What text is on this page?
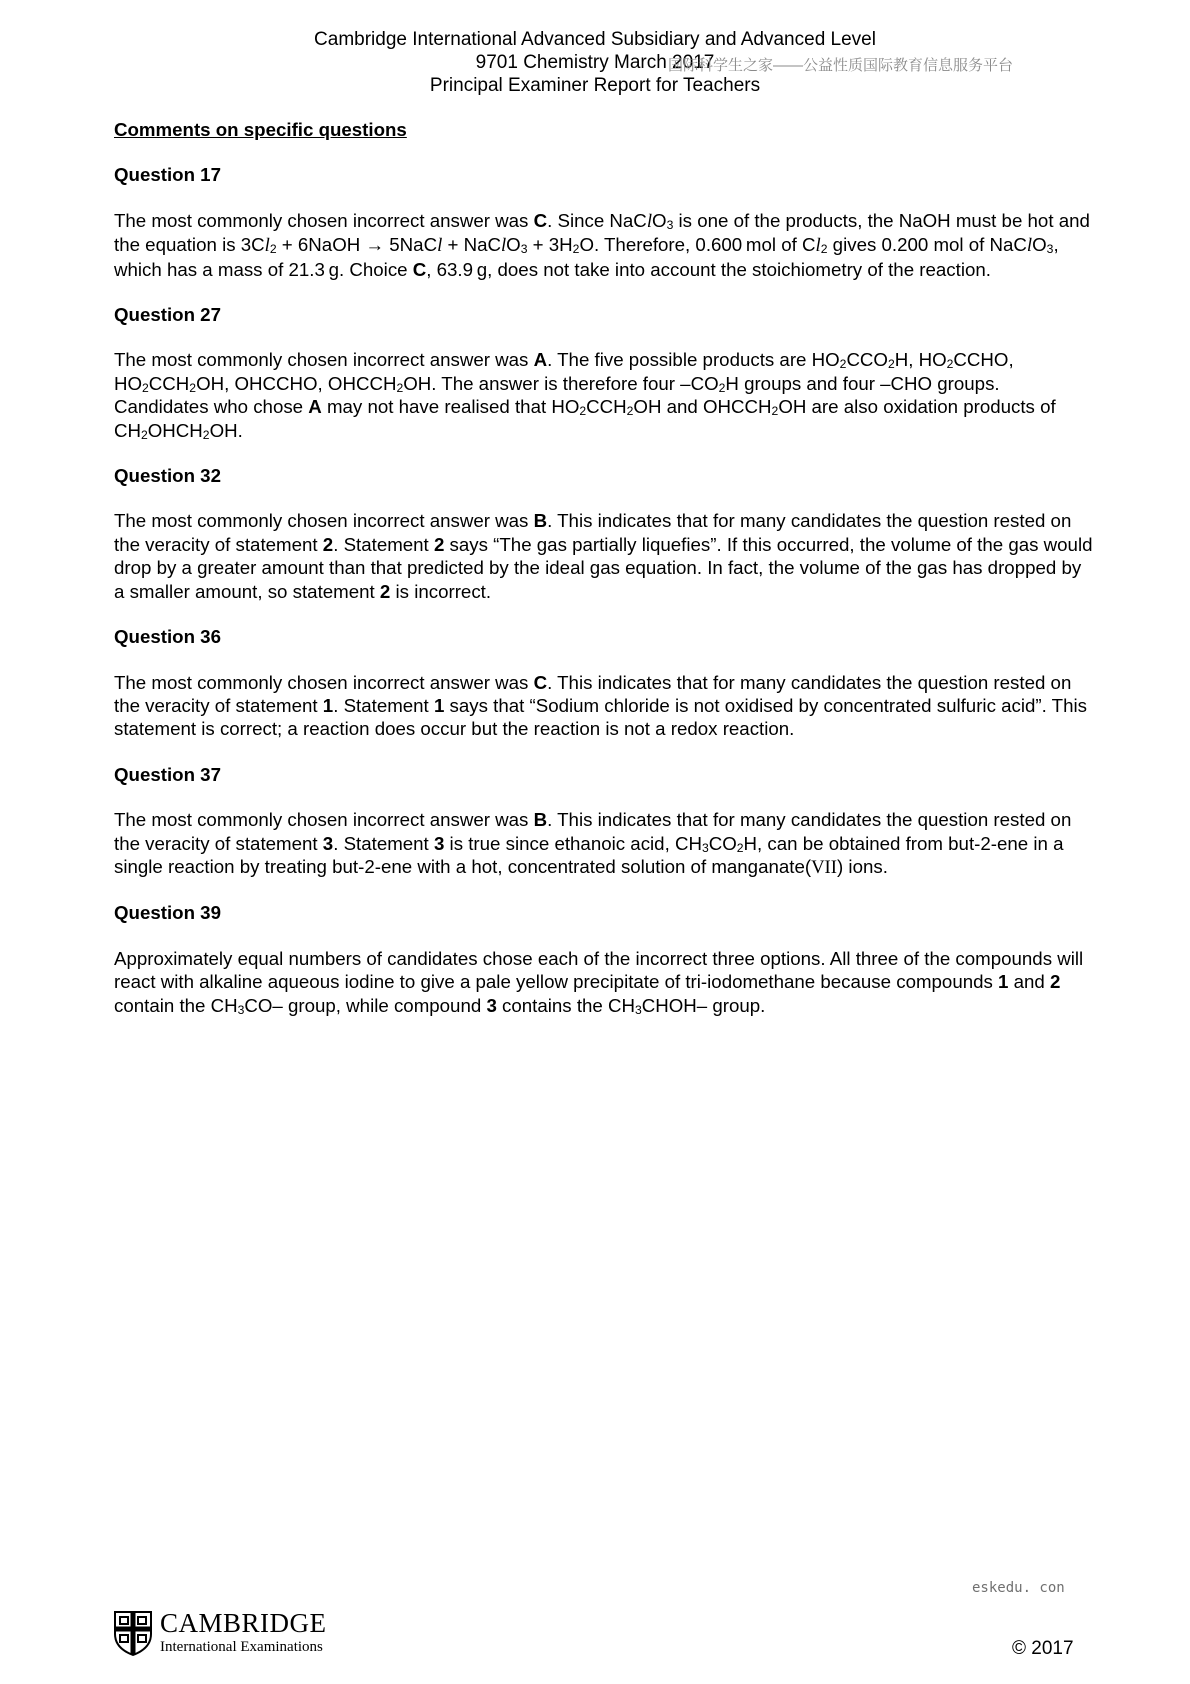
Cambridge International Advanced Subsidiary and Advanced Level
9701 Chemistry March 2017
Principal Examiner Report for Teachers
国际科学生之家——公益性质国际教育信息服务平台
Comments on specific questions
Question 17
The most commonly chosen incorrect answer was C. Since NaClO$_3$ is one of the products, the NaOH must be hot and the equation is $3Cl_2$ + 6NaOH → 5NaCl + NaClO$_3$ + $3H_2O$. Therefore, 0.600 mol of $Cl_2$ gives 0.200 mol of NaClO$_3$, which has a mass of 21.3 g. Choice C, 63.9 g, does not take into account the stoichiometry of the reaction.
Question 27
The most commonly chosen incorrect answer was A. The five possible products are $HO_2CCO_2H$, $HO_2CCHO$, $HO_2CCH_2OH$, OHCCHO, $OHCCH_2OH$. The answer is therefore four $-CO_2H$ groups and four –CHO groups. Candidates who chose A may not have realised that $HO_2CCH_2OH$ and $OHCCH_2OH$ are also oxidation products of $CH_2OHCH_2OH$.
Question 32
The most commonly chosen incorrect answer was B. This indicates that for many candidates the question rested on the veracity of statement 2. Statement 2 says “The gas partially liquefies”. If this occurred, the volume of the gas would drop by a greater amount than that predicted by the ideal gas equation. In fact, the volume of the gas has dropped by a smaller amount, so statement 2 is incorrect.
Question 36
The most commonly chosen incorrect answer was C. This indicates that for many candidates the question rested on the veracity of statement 1. Statement 1 says that “Sodium chloride is not oxidised by concentrated sulfuric acid”. This statement is correct; a reaction does occur but the reaction is not a redox reaction.
Question 37
The most commonly chosen incorrect answer was B. This indicates that for many candidates the question rested on the veracity of statement 3. Statement 3 is true since ethanoic acid, $CH_3CO_2H$, can be obtained from but-2-ene in a single reaction by treating but-2-ene with a hot, concentrated solution of manganate(VII) ions.
Question 39
Approximately equal numbers of candidates chose each of the incorrect three options. All three of the compounds will react with alkaline aqueous iodine to give a pale yellow precipitate of tri-iodomethane because compounds 1 and 2 contain the $CH_3CO-$ group, while compound 3 contains the $CH_3CHOH-$ group.
eskedu. con
CAMBRIDGE
International Examinations	© 2017
